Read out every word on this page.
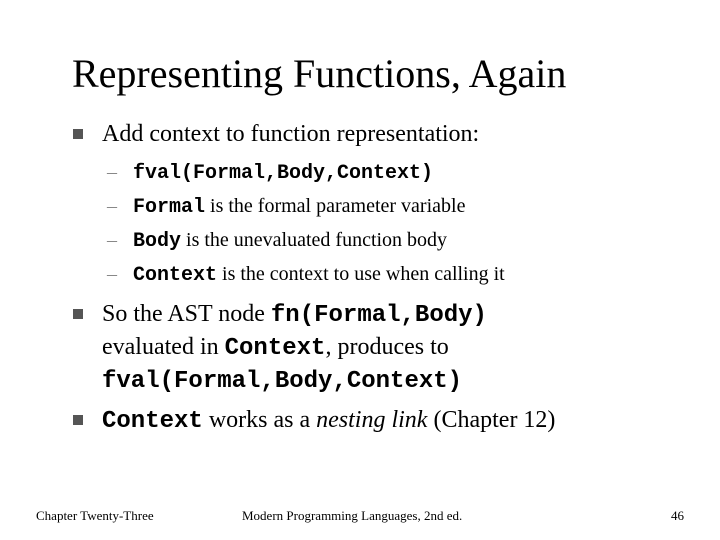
Representing Functions, Again
Add context to function representation:
– fval(Formal,Body,Context)
– Formal is the formal parameter variable
– Body is the unevaluated function body
– Context is the context to use when calling it
So the AST node fn(Formal,Body)
evaluated in Context, produces to
fval(Formal,Body,Context)
Context works as a nesting link (Chapter 12)
Chapter Twenty-Three	Modern Programming Languages, 2nd ed.	46
